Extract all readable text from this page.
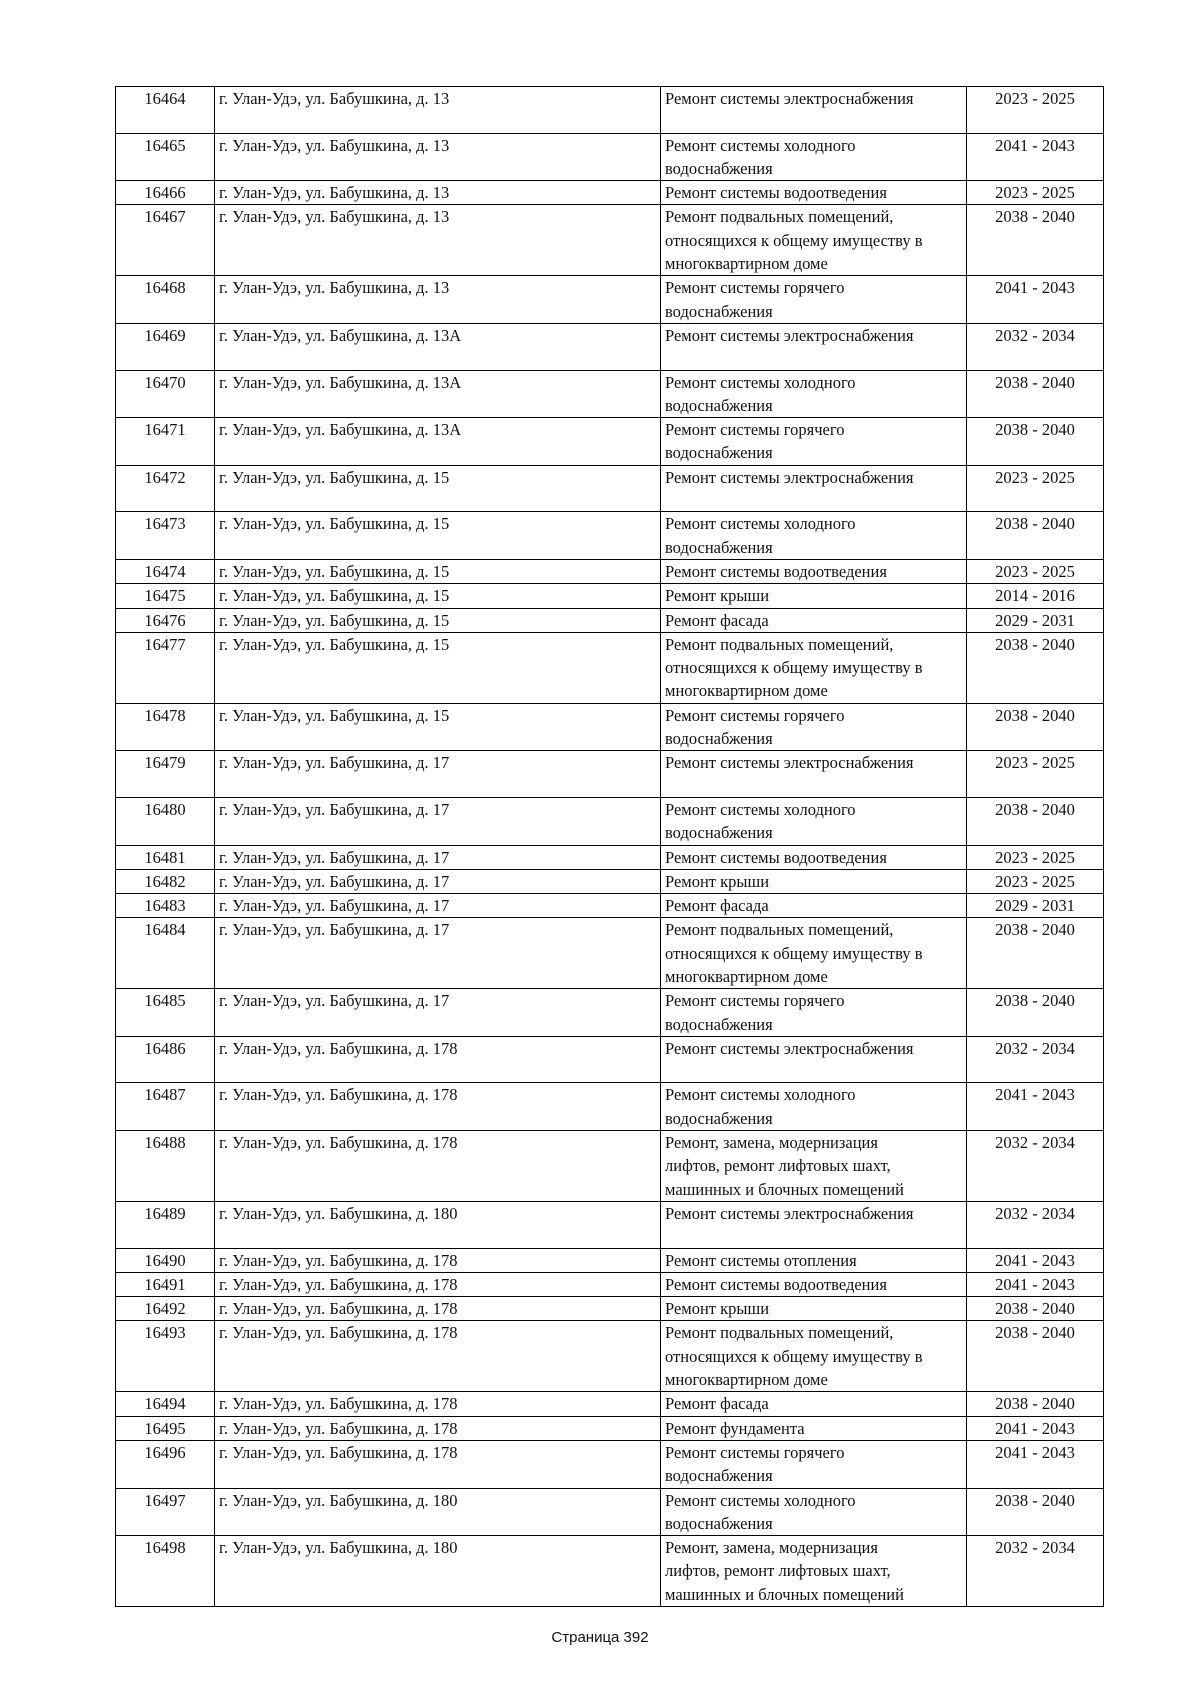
16464	г. Улан-Удэ, ул. Бабушкина, д. 13	Ремонт системы электроснабжения	2023 - 2025

16465	г. Улан-Удэ, ул. Бабушкина, д. 13	Ремонт системы холодного
водоснабжения	2041 - 2043

16466	г. Улан-Удэ, ул. Бабушкина, д. 13	Ремонт системы водоотведения	2023 - 2025

16467	г. Улан-Удэ, ул. Бабушкина, д. 13	Ремонт подвальных помещений,
относящихся к общему имуществу в
многоквартирном доме	2038 - 2040

16468	г. Улан-Удэ, ул. Бабушкина, д. 13	Ремонт системы горячего
водоснабжения	2041 - 2043

16469	г. Улан-Удэ, ул. Бабушкина, д. 13А	Ремонт системы электроснабжения	2032 - 2034

16470	г. Улан-Удэ, ул. Бабушкина, д. 13А	Ремонт системы холодного
водоснабжения	2038 - 2040

16471	г. Улан-Удэ, ул. Бабушкина, д. 13А	Ремонт системы горячего
водоснабжения	2038 - 2040

16472	г. Улан-Удэ, ул. Бабушкина, д. 15	Ремонт системы электроснабжения	2023 - 2025

16473	г. Улан-Удэ, ул. Бабушкина, д. 15	Ремонт системы холодного
водоснабжения	2038 - 2040

16474	г. Улан-Удэ, ул. Бабушкина, д. 15	Ремонт системы водоотведения	2023 - 2025

16475	г. Улан-Удэ, ул. Бабушкина, д. 15	Ремонт крыши	2014 - 2016

16476	г. Улан-Удэ, ул. Бабушкина, д. 15	Ремонт фасада	2029 - 2031

16477	г. Улан-Удэ, ул. Бабушкина, д. 15	Ремонт подвальных помещений,
относящихся к общему имуществу в
многоквартирном доме	2038 - 2040

16478	г. Улан-Удэ, ул. Бабушкина, д. 15	Ремонт системы горячего
водоснабжения	2038 - 2040

16479	г. Улан-Удэ, ул. Бабушкина, д. 17	Ремонт системы электроснабжения	2023 - 2025

16480	г. Улан-Удэ, ул. Бабушкина, д. 17	Ремонт системы холодного
водоснабжения	2038 - 2040

16481	г. Улан-Удэ, ул. Бабушкина, д. 17	Ремонт системы водоотведения	2023 - 2025

16482	г. Улан-Удэ, ул. Бабушкина, д. 17	Ремонт крыши	2023 - 2025

16483	г. Улан-Удэ, ул. Бабушкина, д. 17	Ремонт фасада	2029 - 2031

16484	г. Улан-Удэ, ул. Бабушкина, д. 17	Ремонт подвальных помещений,
относящихся к общему имуществу в
многоквартирном доме	2038 - 2040

16485	г. Улан-Удэ, ул. Бабушкина, д. 17	Ремонт системы горячего
водоснабжения	2038 - 2040

16486	г. Улан-Удэ, ул. Бабушкина, д. 178	Ремонт системы электроснабжения	2032 - 2034

16487	г. Улан-Удэ, ул. Бабушкина, д. 178	Ремонт системы холодного
водоснабжения	2041 - 2043

16488	г. Улан-Удэ, ул. Бабушкина, д. 178	Ремонт, замена, модернизация
лифтов, ремонт лифтовых шахт,
машинных и блочных помещений	2032 - 2034

16489	г. Улан-Удэ, ул. Бабушкина, д. 180	Ремонт системы электроснабжения	2032 - 2034

16490	г. Улан-Удэ, ул. Бабушкина, д. 178	Ремонт системы отопления	2041 - 2043

16491	г. Улан-Удэ, ул. Бабушкина, д. 178	Ремонт системы водоотведения	2041 - 2043

16492	г. Улан-Удэ, ул. Бабушкина, д. 178	Ремонт крыши	2038 - 2040

16493	г. Улан-Удэ, ул. Бабушкина, д. 178	Ремонт подвальных помещений,
относящихся к общему имуществу в
многоквартирном доме	2038 - 2040

16494	г. Улан-Удэ, ул. Бабушкина, д. 178	Ремонт фасада	2038 - 2040

16495	г. Улан-Удэ, ул. Бабушкина, д. 178	Ремонт фундамента	2041 - 2043

16496	г. Улан-Удэ, ул. Бабушкина, д. 178	Ремонт системы горячего
водоснабжения	2041 - 2043

16497	г. Улан-Удэ, ул. Бабушкина, д. 180	Ремонт системы холодного
водоснабжения	2038 - 2040

16498	г. Улан-Удэ, ул. Бабушкина, д. 180	Ремонт, замена, модернизация
лифтов, ремонт лифтовых шахт,
машинных и блочных помещений	2032 - 2034
Страница 392
